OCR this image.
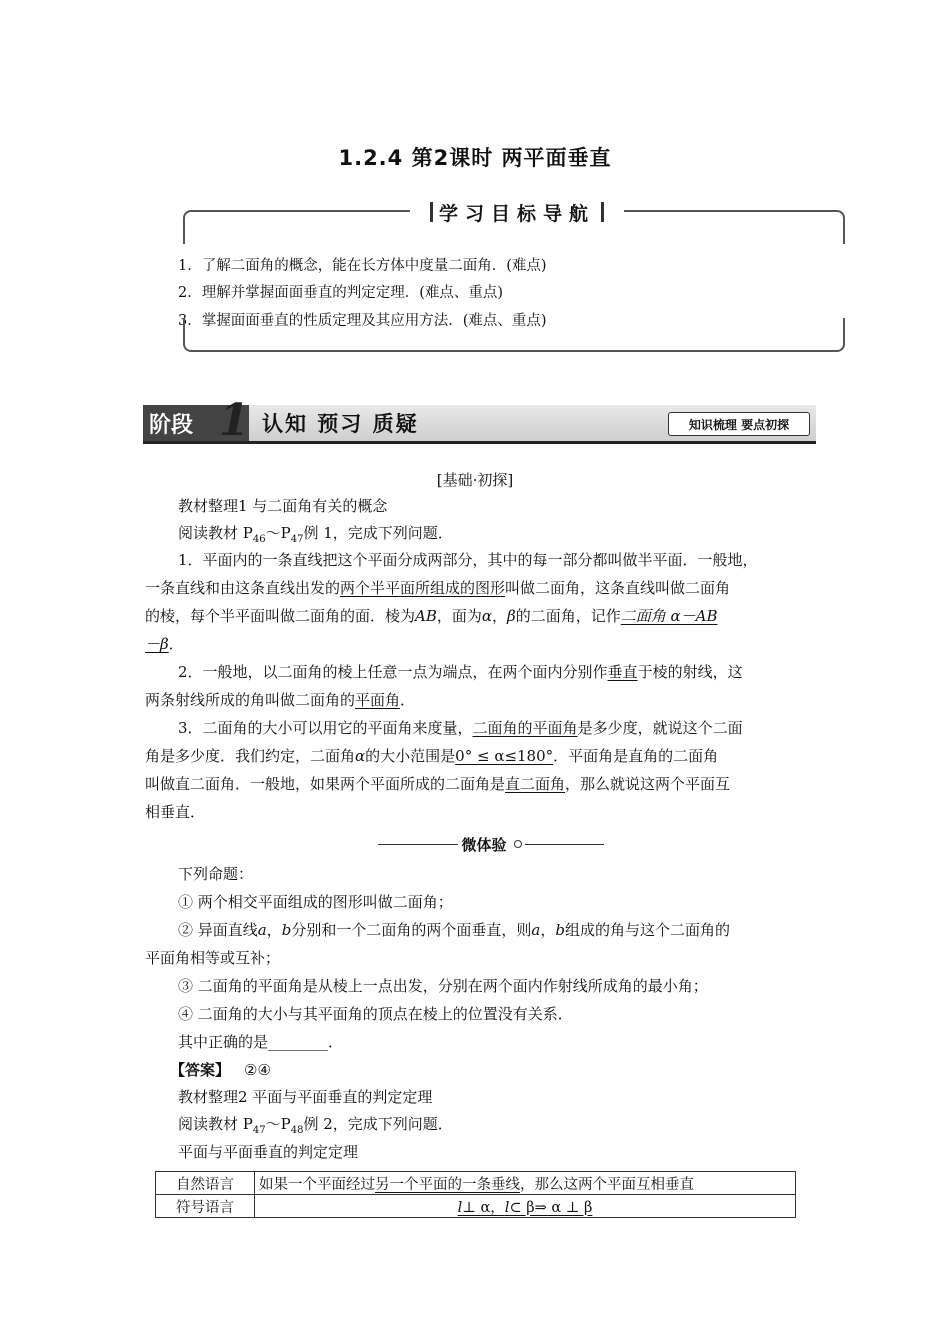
1.2.4 第2课时 两平面垂直
学习目标导航
1．了解二面角的概念，能在长方体中度量二面角．(难点)
2．理解并掌握面面垂直的判定定理．(难点、重点)
3．掌握面面垂直的性质定理及其应用方法．(难点、重点)
阶段 1 认知 预习 质疑	知识梳理 要点初探
[基础·初探]
教材整理1 与二面角有关的概念
阅读教材 $P_{46}\sim P_{47}$例 1，完成下列问题．
1．平面内的一条直线把这个平面分成两部分，其中的每一部分都叫做半平面．一般地，
一条直线和由这条直线出发的两个半平面所组成的图形叫做二面角，这条直线叫做二面角
的棱，每个半平面叫做二面角的面．棱为AB，面为α，β的二面角，记作二面角 α－AB
－β．
2．一般地，以二面角的棱上任意一点为端点，在两个面内分别作垂直于棱的射线，这
两条射线所成的角叫做二面角的平面角．
3．二面角的大小可以用它的平面角来度量，二面角的平面角是多少度，就说这个二面
角是多少度．我们约定，二面角α的大小范围是0° ≤ α≤180°．平面角是直角的二面角
叫做直二面角．一般地，如果两个平面所成的二面角是直二面角，那么就说这两个平面互
相垂直．
微体验
下列命题：
① 两个相交平面组成的图形叫做二面角；
② 异面直线a，b分别和一个二面角的两个面垂直，则a，b组成的角与这个二面角的
平面角相等或互补；
③ 二面角的平面角是从棱上一点出发，分别在两个面内作射线所成角的最小角；
④ 二面角的大小与其平面角的顶点在棱上的位置没有关系．
其中正确的是________．
【答案】 ②④
教材整理2 平面与平面垂直的判定定理
阅读教材 $P_{47}\sim P_{48}$例 2，完成下列问题．
平面与平面垂直的判定定理
自然语言	如果一个平面经过另一个平面的一条垂线，那么这两个平面互相垂直
符号语言	l⊥ α，l⊂ β⇒ α ⊥ β
